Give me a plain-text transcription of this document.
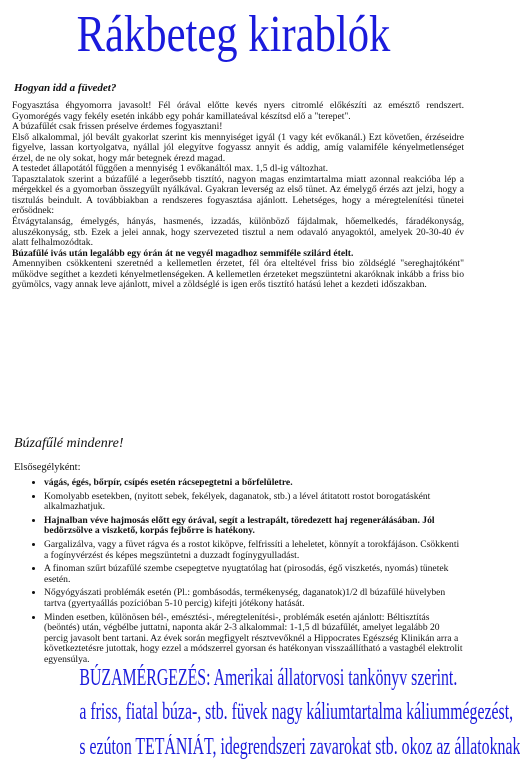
Rákbeteg kirablók
Hogyan idd a füvedet?

Fogyasztása éhgyomorra javasolt! Fél órával előtte kevés nyers citromlé előkészíti az emésztő rendszert. Gyomorégés vagy fekély esetén inkább egy pohár kamillateával készítsd elő a "terepet".

A búzafűlét csak frissen préselve érdemes fogyasztani!

Első alkalommal, jól bevált gyakorlat szerint kis mennyiséget igyál (1 vagy két evőkanál.) Ezt követően, érzéseidre figyelve, lassan kortyolgatva, nyállal jól elegyítve fogyassz annyit és addig, amíg valamiféle kényelmetlenséget érzel, de ne oly sokat, hogy már betegnek érezd magad.

A testedet állapotától függően a mennyiség 1 evőkanáltól max. 1,5 dl-ig változhat.

Tapasztalatok szerint a búzafűlé a legerősebb tisztító, nagyon magas enzimtartalma miatt azonnal reakcióba lép a mérgekkel és a gyomorban összegyűlt nyálkával. Gyakran leverség az első tünet. Az émelygő érzés azt jelzi, hogy a tisztulás beindult. A továbbiakban a rendszeres fogyasztása ajánlott. Lehetséges, hogy a méregtelenítési tünetei erősödnek:

Étvágytalanság, émelygés, hányás, hasmenés, izzadás, különböző fájdalmak, hőemelkedés, fáradékonyság, aluszékonyság, stb. Ezek a jelei annak, hogy szervezeted tisztul a nem odavaló anyagoktól, amelyek 20-30-40 év alatt felhalmozódtak.

Búzafűlé ivás után legalább egy órán át ne vegyél magadhoz semmiféle szilárd ételt.

Amennyiben csökkenteni szeretnéd a kellemetlen érzetet, fél óra elteltével friss bio zöldséglé "sereghajtóként" működve segíthet a kezdeti kényelmetlenségeken. A kellemetlen érzeteket megszüntetni akaróknak inkább a friss bio gyümölcs, vagy annak leve ajánlott, mivel a zöldséglé is igen erős tisztító hatású lehet a kezdeti időszakban.

Búzafűlé mindenre!
Elsősegélyként:
• vágás, égés, bőrpír, csípés esetén rácsepegtetni a bőrfelületre.
• Komolyabb esetekben, (nyitott sebek, fekélyek, daganatok, stb.) a lével átitatott rostot borogatásként alkalmazhatjuk.
• Hajnalban véve hajmosás előtt egy órával, segít a lestrapált, töredezett haj regenerálásában. Jól bedörzsölve a viszkető, korpás fejbőrre is hatékony.
• Gargalizálva, vagy a füvet rágva és a rostot kiköpve, felfrissíti a leheletet, könnyít a torokfájáson. Csökkenti a fogínyvérzést és képes megszüntetni a duzzadt fogínygyulladást.
• A finoman szűrt búzafűlé szembe csepegtetve nyugtatólag hat (pirosodás, égő viszketés, nyomás) tünetek esetén.
• Nőgyógyászati problémák esetén (Pl.: gombásodás, termékenység, daganatok)1/2 dl búzafűlé hüvelyben tartva (gyertyaállás pozícióban 5-10 percig) kifejti jótékony hatását.
• Minden esetben, különösen bél-, emésztési-, méregtelenítési-, problémák esetén ajánlott: Béltisztítás (beöntés) után, végbélbe juttatni, naponta akár 2-3 alkalommal: 1-1,5 dl búzafűlét, amelyet legalább 20 percig javasolt bent tartani. Az évek során megfigyelt résztvevőknél a Hippocrates Egészség Klinikán arra a következtetésre jutottak, hogy ezzel a módszerrel gyorsan és hatékonyan visszaállítható a vastagbél elektrolit egyensúlya.
BÚZAMÉRGEZÉS: Amerikai állatorvosi tankönyv szerint.
a friss, fiatal búza-, stb. füvek nagy káliumtartalma káliummégezést,
s ezúton TETÁNIÁT, idegrendszeri zavarokat stb. okoz az állatoknak
